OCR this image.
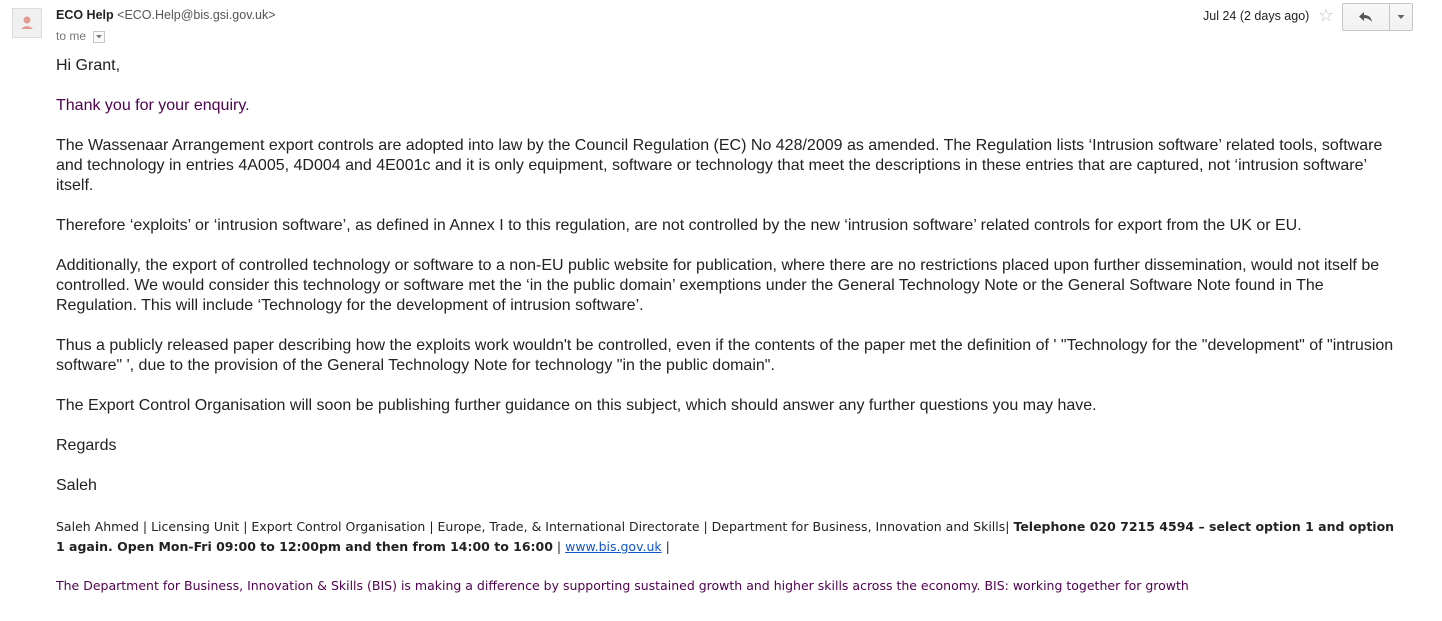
ECO Help <ECO.Help@bis.gsi.gov.uk>
to me
Jul 24 (2 days ago) ☆

Hi Grant,

Thank you for your enquiry.

The Wassenaar Arrangement export controls are adopted into law by the Council Regulation (EC) No 428/2009 as amended. The Regulation lists ‘Intrusion software’ related tools, software and technology in entries 4A005, 4D004 and 4E001c and it is only equipment, software or technology that meet the descriptions in these entries that are captured, not ‘intrusion software’ itself.

Therefore ‘exploits’ or ‘intrusion software’, as defined in Annex I to this regulation, are not controlled by the new ‘intrusion software’ related controls for export from the UK or EU.

Additionally, the export of controlled technology or software to a non-EU public website for publication, where there are no restrictions placed upon further dissemination, would not itself be controlled. We would consider this technology or software met the ‘in the public domain’ exemptions under the General Technology Note or the General Software Note found in The Regulation. This will include ‘Technology for the development of intrusion software’.

Thus a publicly released paper describing how the exploits work wouldn't be controlled, even if the contents of the paper met the definition of ' "Technology for the "development" of "intrusion software" ', due to the provision of the General Technology Note for technology "in the public domain".

The Export Control Organisation will soon be publishing further guidance on this subject, which should answer any further questions you may have.

Regards

Saleh

Saleh Ahmed | Licensing Unit | Export Control Organisation | Europe, Trade, & International Directorate | Department for Business, Innovation and Skills| Telephone 020 7215 4594 – select option 1 and option 1 again. Open Mon-Fri 09:00 to 12:00pm and then from 14:00 to 16:00 | www.bis.gov.uk |
The Department for Business, Innovation & Skills (BIS) is making a difference by supporting sustained growth and higher skills across the economy. BIS: working together for growth
